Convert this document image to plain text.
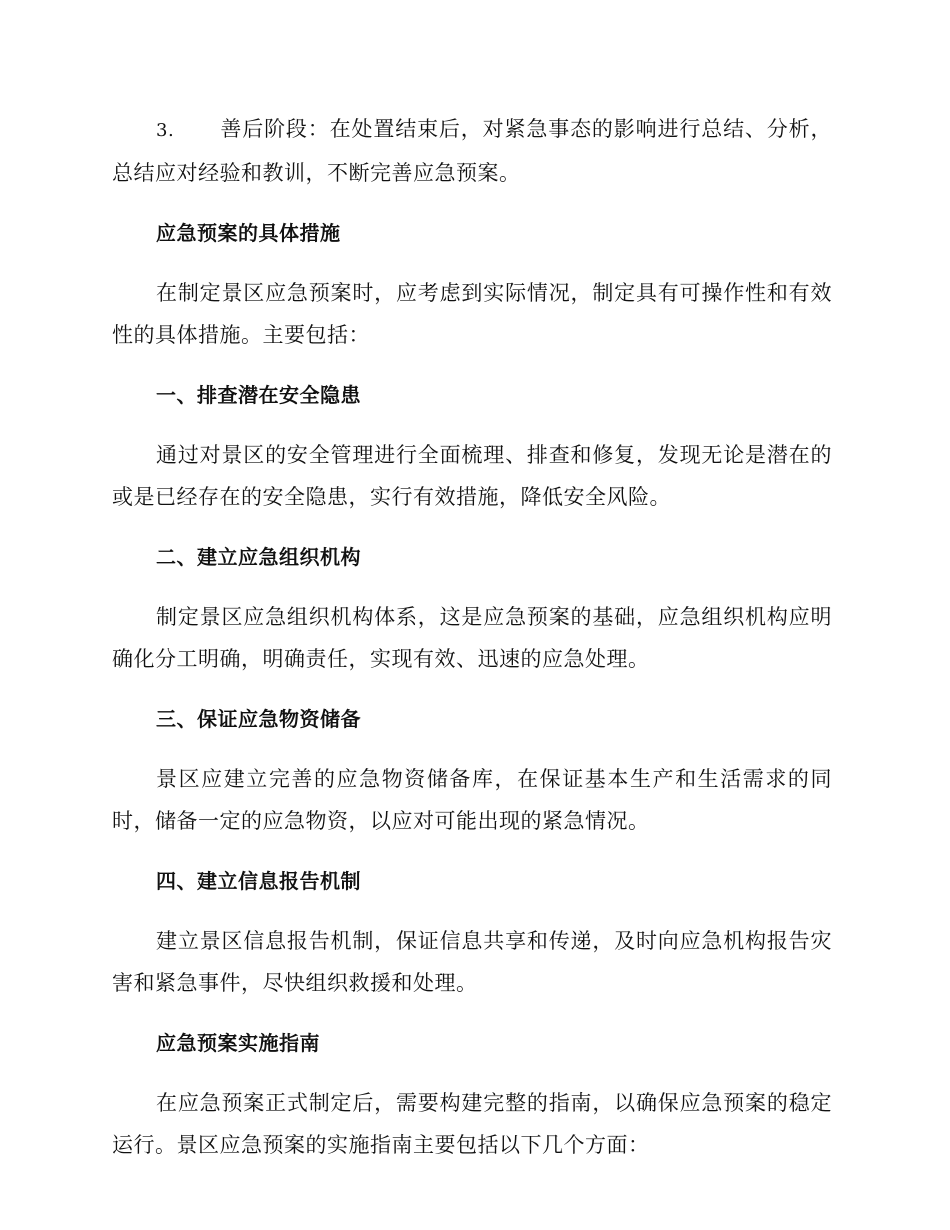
3. 善后阶段：在处置结束后，对紧急事态的影响进行总结、分析，总结应对经验和教训，不断完善应急预案。

应急预案的具体措施

在制定景区应急预案时，应考虑到实际情况，制定具有可操作性和有效性的具体措施。主要包括：

一、排查潜在安全隐患

通过对景区的安全管理进行全面梳理、排查和修复，发现无论是潜在的或是已经存在的安全隐患，实行有效措施，降低安全风险。

二、建立应急组织机构

制定景区应急组织机构体系，这是应急预案的基础，应急组织机构应明确化分工明确，明确责任，实现有效、迅速的应急处理。

三、保证应急物资储备

景区应建立完善的应急物资储备库，在保证基本生产和生活需求的同时，储备一定的应急物资，以应对可能出现的紧急情况。

四、建立信息报告机制

建立景区信息报告机制，保证信息共享和传递，及时向应急机构报告灾害和紧急事件，尽快组织救援和处理。

应急预案实施指南

在应急预案正式制定后，需要构建完整的指南，以确保应急预案的稳定运行。景区应急预案的实施指南主要包括以下几个方面：
